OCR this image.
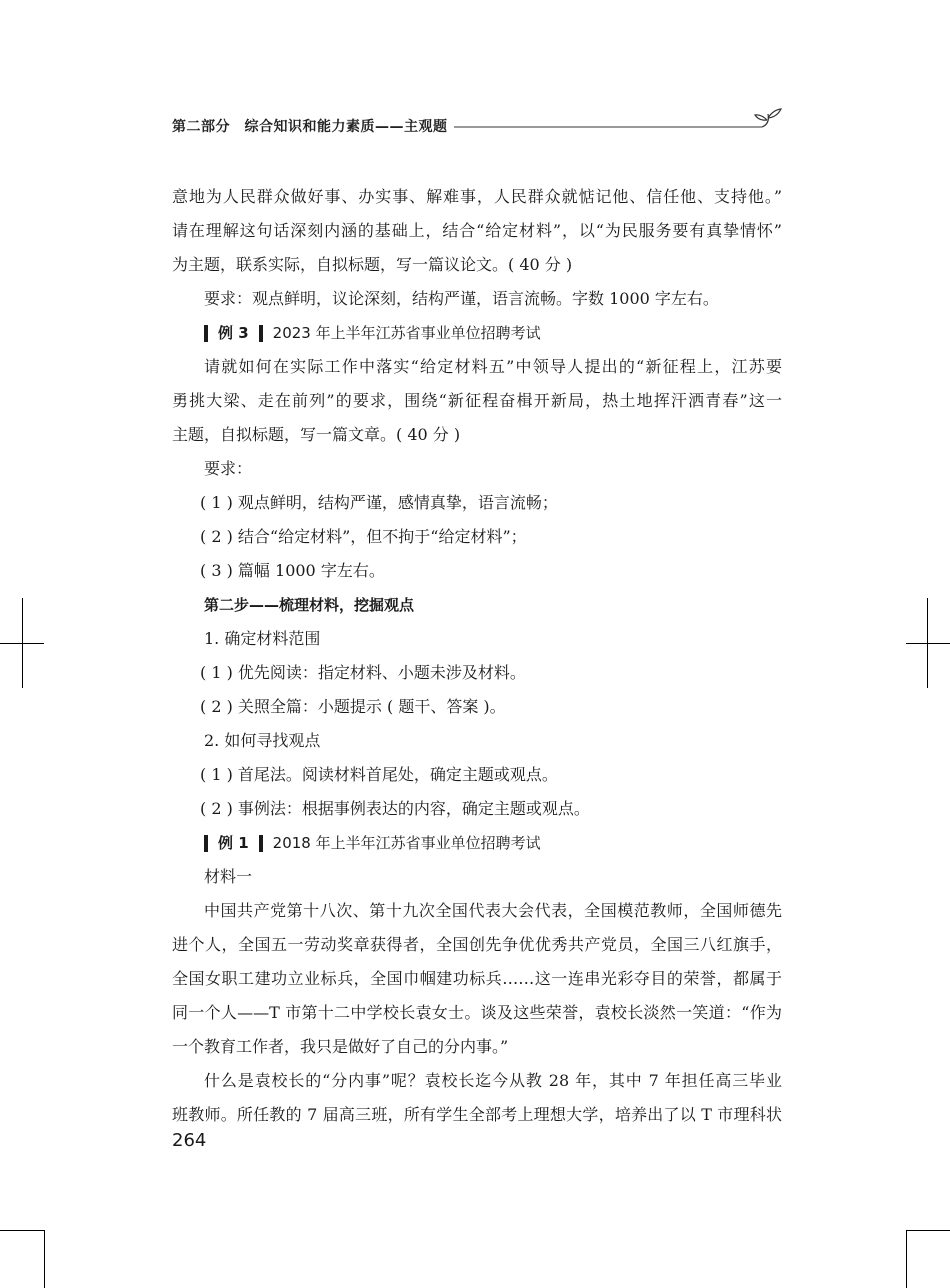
第二部分　综合知识和能力素质——主观题
意地为人民群众做好事、办实事、解难事，人民群众就惦记他、信任他、支持他。”
请在理解这句话深刻内涵的基础上，结合“给定材料”，以“为民服务要有真挚情怀”
为主题，联系实际，自拟标题，写一篇议论文。( 40 分 )
要求：观点鲜明，议论深刻，结构严谨，语言流畅。字数 1000 字左右。
例 3 2023 年上半年江苏省事业单位招聘考试
请就如何在实际工作中落实“给定材料五”中领导人提出的“新征程上，江苏要
勇挑大梁、走在前列”的要求，围绕“新征程奋楫开新局，热土地挥汗洒青春”这一
主题，自拟标题，写一篇文章。( 40 分 )
要求：
( 1 ) 观点鲜明，结构严谨，感情真挚，语言流畅；
( 2 ) 结合“给定材料”，但不拘于“给定材料”；
( 3 ) 篇幅 1000 字左右。
第二步——梳理材料，挖掘观点
1. 确定材料范围
( 1 ) 优先阅读：指定材料、小题未涉及材料。
( 2 ) 关照全篇：小题提示 ( 题干、答案 )。
2. 如何寻找观点
( 1 ) 首尾法。阅读材料首尾处，确定主题或观点。
( 2 ) 事例法：根据事例表达的内容，确定主题或观点。
例 1 2018 年上半年江苏省事业单位招聘考试
材料一
中国共产党第十八次、第十九次全国代表大会代表，全国模范教师，全国师德先
进个人，全国五一劳动奖章获得者，全国创先争优优秀共产党员，全国三八红旗手，
全国女职工建功立业标兵，全国巾帼建功标兵……这一连串光彩夺目的荣誉，都属于
同一个人——T 市第十二中学校长袁女士。谈及这些荣誉，袁校长淡然一笑道：“作为
一个教育工作者，我只是做好了自己的分内事。”
什么是袁校长的“分内事”呢？袁校长迄今从教 28 年，其中 7 年担任高三毕业
班教师。所任教的 7 届高三班，所有学生全部考上理想大学，培养出了以 T 市理科状
264
